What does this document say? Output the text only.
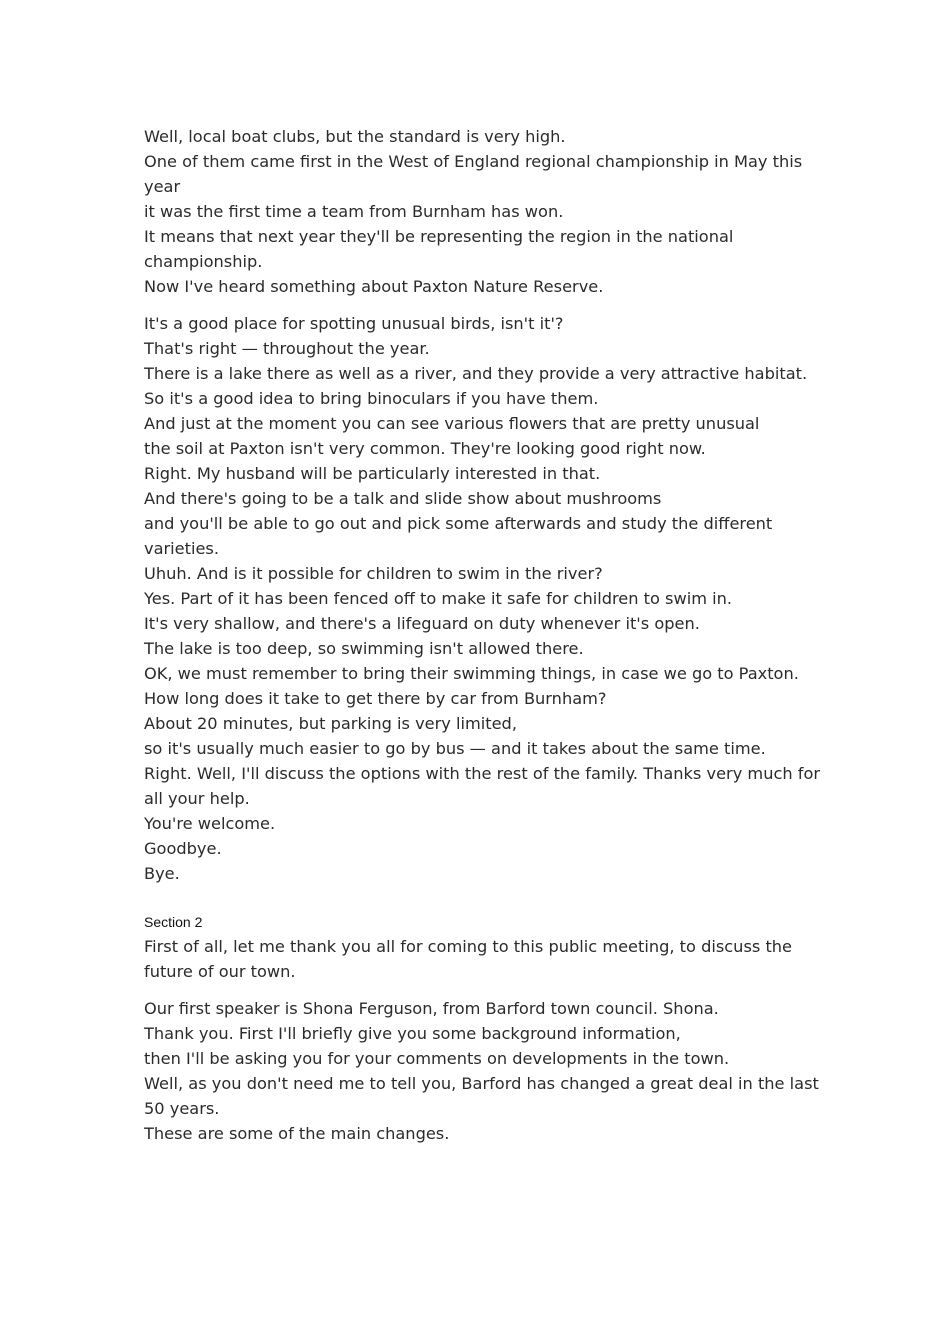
Well, local boat clubs, but the standard is very high.

One of them came first in the West of England regional championship in May this year

it was the first time a team from Burnham has won.

It means that next year they'll be representing the region in the national championship.

Now I've heard something about Paxton Nature Reserve.

It's a good place for spotting unusual birds, isn't it'?

That's right — throughout the year.

There is a lake there as well as a river, and they provide a very attractive habitat.

So it's a good idea to bring binoculars if you have them.

And just at the moment you can see various flowers that are pretty unusual

the soil at Paxton isn't very common. They're looking good right now.

Right. My husband will be particularly interested in that.

And there's going to be a talk and slide show about mushrooms

and you'll be able to go out and pick some afterwards and study the different varieties.

Uhuh. And is it possible for children to swim in the river?

Yes. Part of it has been fenced off to make it safe for children to swim in.

It's very shallow, and there's a lifeguard on duty whenever it's open.

The lake is too deep, so swimming isn't allowed there.

OK, we must remember to bring their swimming things, in case we go to Paxton.

How long does it take to get there by car from Burnham?

About 20 minutes, but parking is very limited,

so it's usually much easier to go by bus — and it takes about the same time.

Right. Well, I'll discuss the options with the rest of the family. Thanks very much for all your help.

You're welcome.

Goodbye.

Bye.

Section 2

First of all, let me thank you all for coming to this public meeting, to discuss the future of our town.

Our first speaker is Shona Ferguson, from Barford town council. Shona.

Thank you. First I'll briefly give you some background information,

then I'll be asking you for your comments on developments in the town.

Well, as you don't need me to tell you, Barford has changed a great deal in the last 50 years.

These are some of the main changes.
